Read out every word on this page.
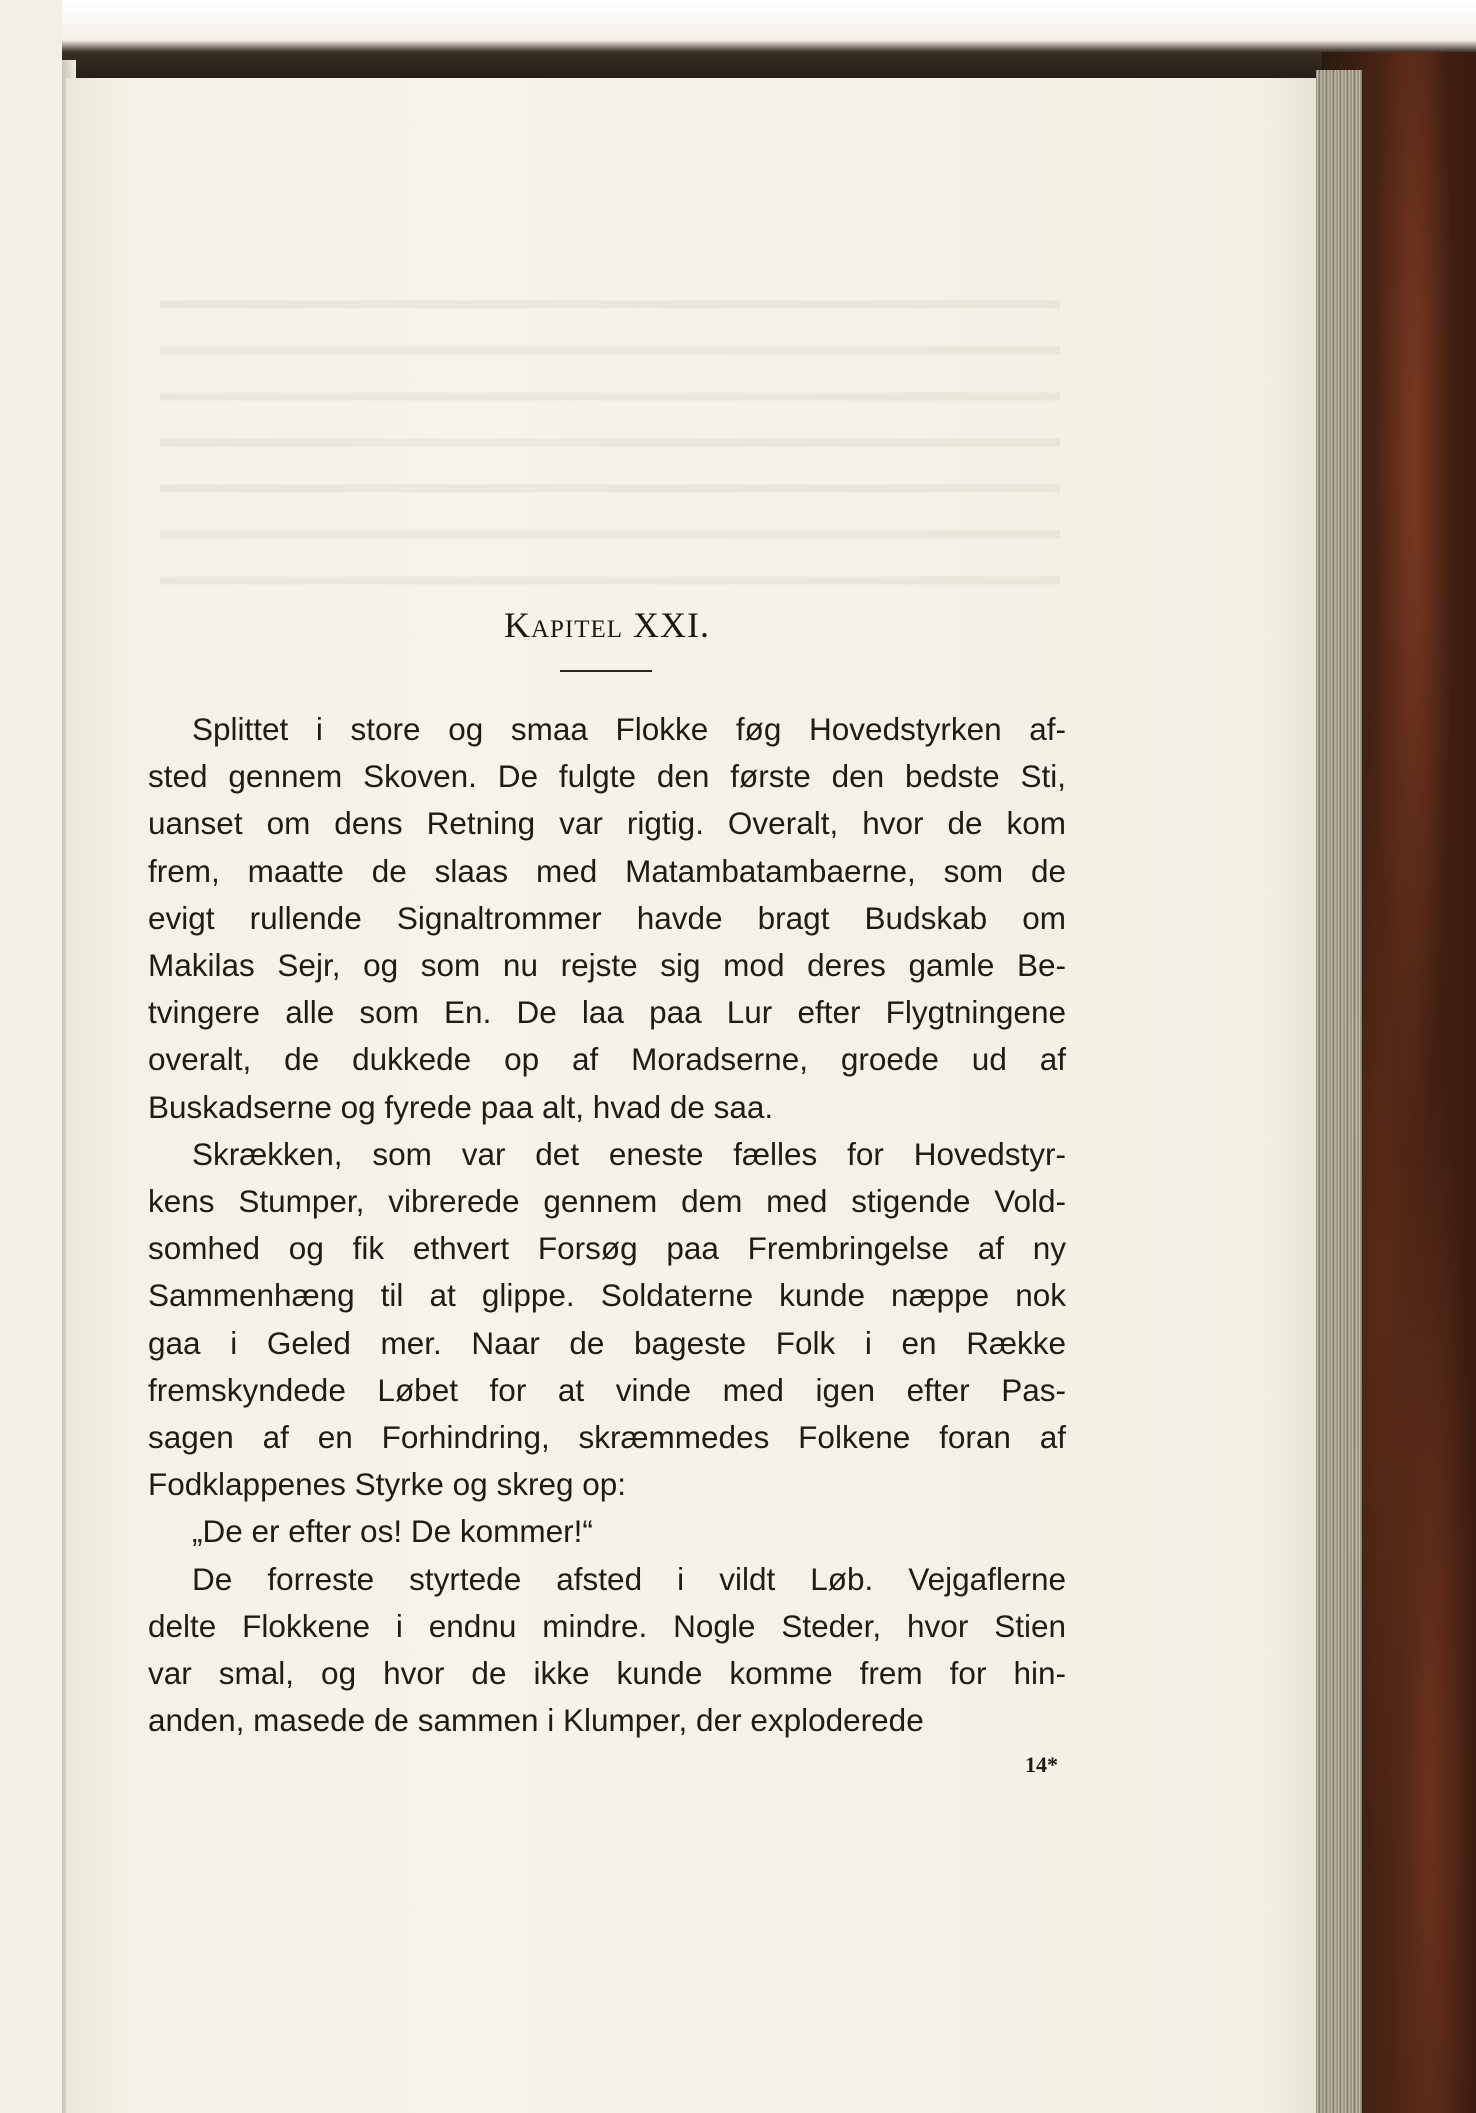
Kapitel XXI.
Splittet i store og smaa Flokke føg Hovedstyrken af-
sted gennem Skoven. De fulgte den første den bedste Sti,
uanset om dens Retning var rigtig. Overalt, hvor de kom
frem, maatte de slaas med Matambatambaerne, som de
evigt rullende Signaltrommer havde bragt Budskab om
Makilas Sejr, og som nu rejste sig mod deres gamle Be-
tvingere alle som En. De laa paa Lur efter Flygtningene
overalt, de dukkede op af Moradserne, groede ud af
Buskadserne og fyrede paa alt, hvad de saa.
Skrækken, som var det eneste fælles for Hovedstyr-
kens Stumper, vibrerede gennem dem med stigende Vold-
somhed og fik ethvert Forsøg paa Frembringelse af ny
Sammenhæng til at glippe. Soldaterne kunde næppe nok
gaa i Geled mer. Naar de bageste Folk i en Række
fremskyndede Løbet for at vinde med igen efter Pas-
sagen af en Forhindring, skræmmedes Folkene foran af
Fodklappenes Styrke og skreg op:
„De er efter os! De kommer!“
De forreste styrtede afsted i vildt Løb. Vejgaflerne
delte Flokkene i endnu mindre. Nogle Steder, hvor Stien
var smal, og hvor de ikke kunde komme frem for hin-
anden, masede de sammen i Klumper, der exploderede
14*
